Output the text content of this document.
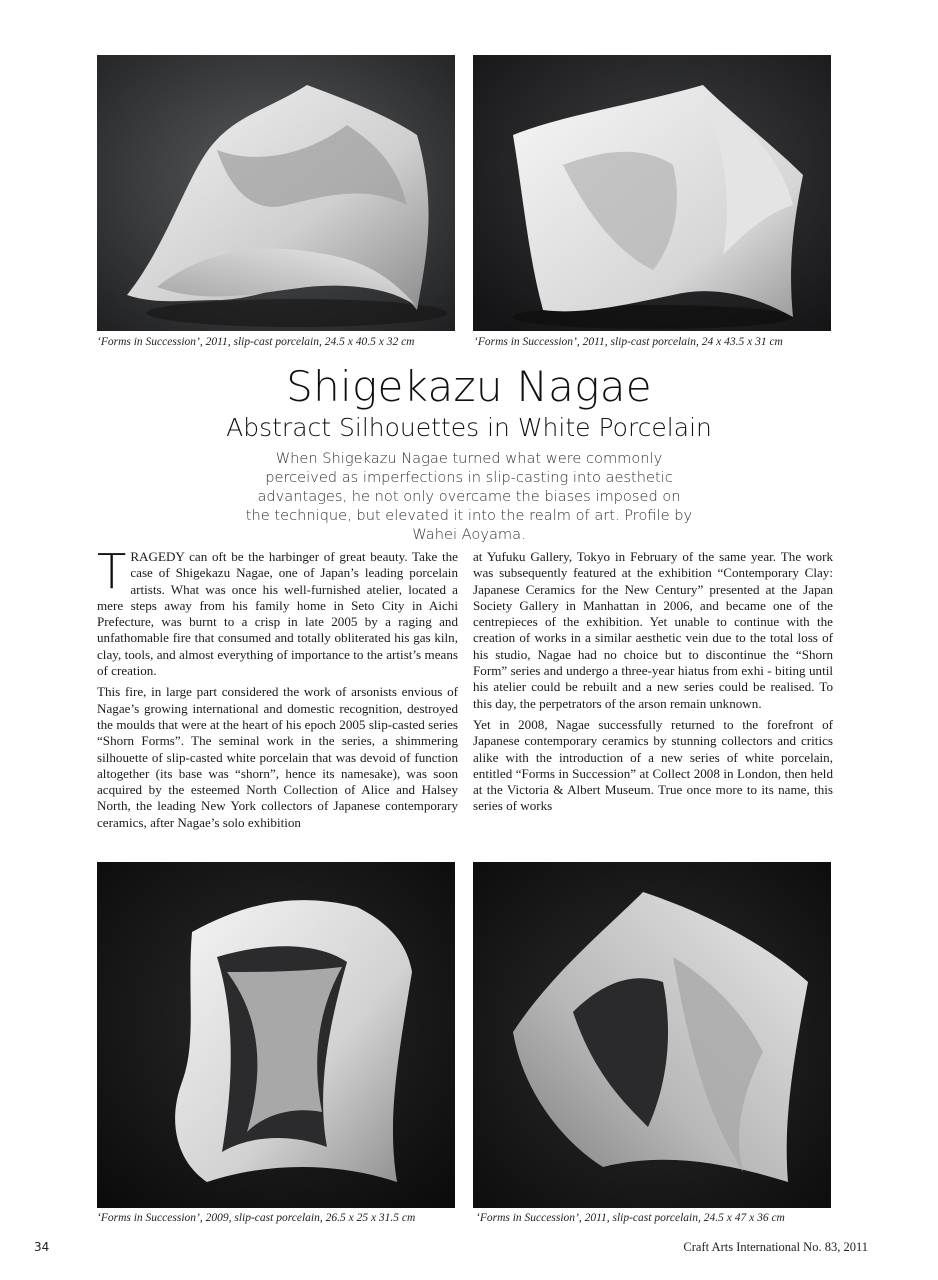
‘Forms in Succession’, 2011, slip-cast porcelain, 24.5 x 40.5 x 32 cm	‘Forms in Succession’, 2011, slip-cast porcelain, 24 x 43.5 x 31 cm
Shigekazu Nagae
Abstract Silhouettes in White Porcelain
When Shigekazu Nagae turned what were commonly perceived as imperfections in slip-casting into aesthetic advantages, he not only overcame the biases imposed on the technique, but elevated it into the realm of art. Profile by Wahei Aoyama.

TRAGEDY can oft be the harbinger of great beauty. Take the case of Shigekazu Nagae, one of Japan’s leading porcelain artists. What was once his well-furnished atelier, located a mere steps away from his family home in Seto City in Aichi Prefecture, was burnt to a crisp in late 2005 by a raging and unfathomable fire that consumed and totally obliterated his gas kiln, clay, tools, and almost everything of importance to the artist’s means of creation.

This fire, in large part considered the work of arsonists envious of Nagae’s growing international and domestic recognition, destroyed the moulds that were at the heart of his epoch 2005 slip-casted series “Shorn Forms”. The seminal work in the series, a shimmering silhouette of slip-casted white porcelain that was devoid of function altogether (its base was “shorn”, hence its namesake), was soon acquired by the esteemed North Collection of Alice and Halsey North, the leading New York collectors of Japanese contemporary ceramics, after Nagae’s solo exhibition

at Yufuku Gallery, Tokyo in February of the same year. The work was subsequently featured at the exhibition “Contemporary Clay: Japanese Ceramics for the New Century” presented at the Japan Society Gallery in Manhattan in 2006, and became one of the centrepieces of the exhibition. Yet unable to continue with the creation of works in a similar aesthetic vein due to the total loss of his studio, Nagae had no choice but to discontinue the “Shorn Form” series and undergo a three-year hiatus from exhi - biting until his atelier could be rebuilt and a new series could be realised. To this day, the perpetrators of the arson remain unknown.

Yet in 2008, Nagae successfully returned to the forefront of Japanese contemporary ceramics by stunning collectors and critics alike with the introduction of a new series of white porcelain, entitled “Forms in Succession” at Collect 2008 in London, then held at the Victoria & Albert Museum. True once more to its name, this series of works

‘Forms in Succession’, 2009, slip-cast porcelain, 26.5 x 25 x 31.5 cm	‘Forms in Succession’, 2011, slip-cast porcelain, 24.5 x 47 x 36 cm
34	Craft Arts International No. 83, 2011
